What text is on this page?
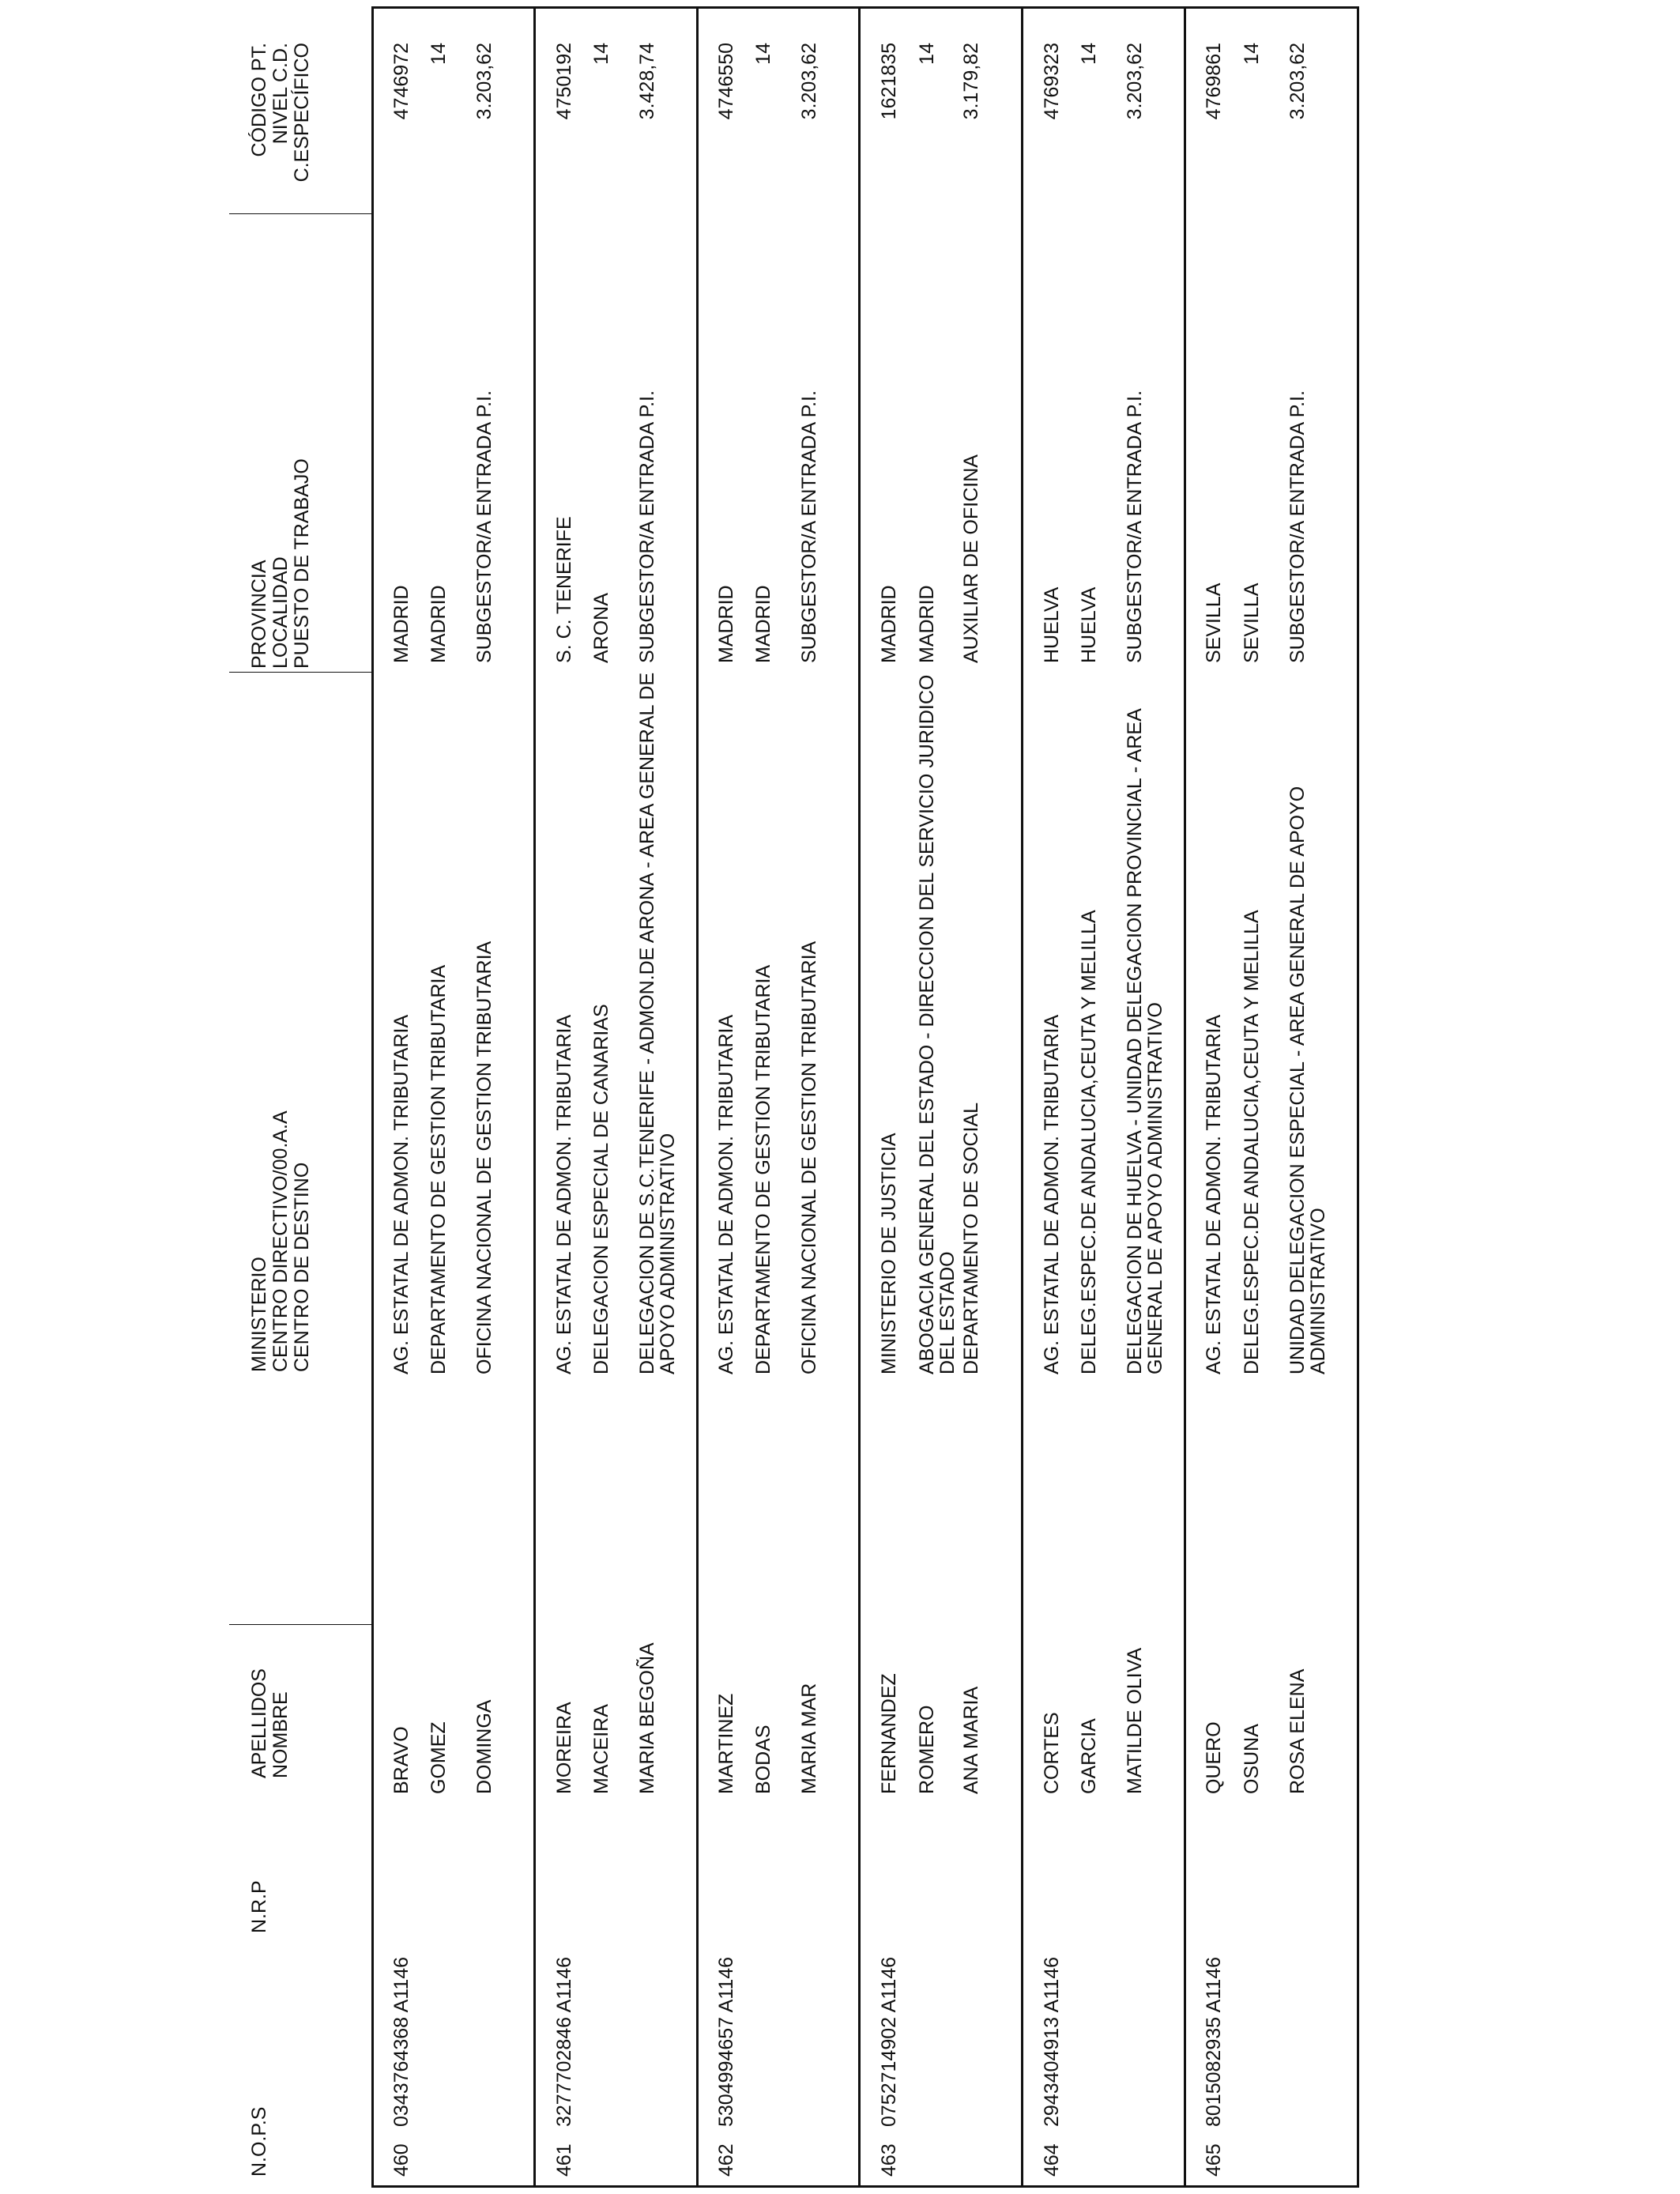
N.O.P.S
N.R.P
APELLIDOS NOMBRE
MINISTERIO CENTRO DIRECTIVO/00.A.A CENTRO DE DESTINO
PROVINCIA LOCALIDAD PUESTO DE TRABAJO
CÓDIGO PT. NIVEL C.D. C.ESPECÍFICO
460
0343764368 A1146
BRAVO GOMEZ DOMINGA
AG. ESTATAL DE ADMON. TRIBUTARIA DEPARTAMENTO DE GESTION TRIBUTARIA OFICINA NACIONAL DE GESTION TRIBUTARIA
MADRID MADRID SUBGESTOR/A ENTRADA P.I.
4746972 14 3.203,62
461
3277702846 A1146
MOREIRA MACEIRA MARIA BEGOÑA
AG. ESTATAL DE ADMON. TRIBUTARIA DELEGACION ESPECIAL DE CANARIAS DELEGACION DE S.C.TENERIFE - ADMON.DE ARONA - AREA GENERAL DE APOYO ADMINISTRATIVO
S. C. TENERIFE ARONA SUBGESTOR/A ENTRADA P.I.
4750192 14 3.428,74
462
5304994657 A1146
MARTINEZ BODAS MARIA MAR
AG. ESTATAL DE ADMON. TRIBUTARIA DEPARTAMENTO DE GESTION TRIBUTARIA OFICINA NACIONAL DE GESTION TRIBUTARIA
MADRID MADRID SUBGESTOR/A ENTRADA P.I.
4746550 14 3.203,62
463
0752714902 A1146
FERNANDEZ ROMERO ANA MARIA
MINISTERIO DE JUSTICIA ABOGACIA GENERAL DEL ESTADO - DIRECCION DEL SERVICIO JURIDICO DEL ESTADO DEPARTAMENTO DE SOCIAL
MADRID MADRID AUXILIAR DE OFICINA
1621835 14 3.179,82
464
2943404913 A1146
CORTES GARCIA MATILDE OLIVA
AG. ESTATAL DE ADMON. TRIBUTARIA DELEG.ESPEC.DE ANDALUCIA,CEUTA Y MELILLA DELEGACION DE HUELVA - UNIDAD DELEGACION PROVINCIAL - AREA GENERAL DE APOYO ADMINISTRATIVO
HUELVA HUELVA SUBGESTOR/A ENTRADA P.I.
4769323 14 3.203,62
465
8015082935 A1146
QUERO OSUNA ROSA ELENA
AG. ESTATAL DE ADMON. TRIBUTARIA DELEG.ESPEC.DE ANDALUCIA,CEUTA Y MELILLA UNIDAD DELEGACION ESPECIAL - AREA GENERAL DE APOYO ADMINISTRATIVO
SEVILLA SEVILLA SUBGESTOR/A ENTRADA P.I.
4769861 14 3.203,62
